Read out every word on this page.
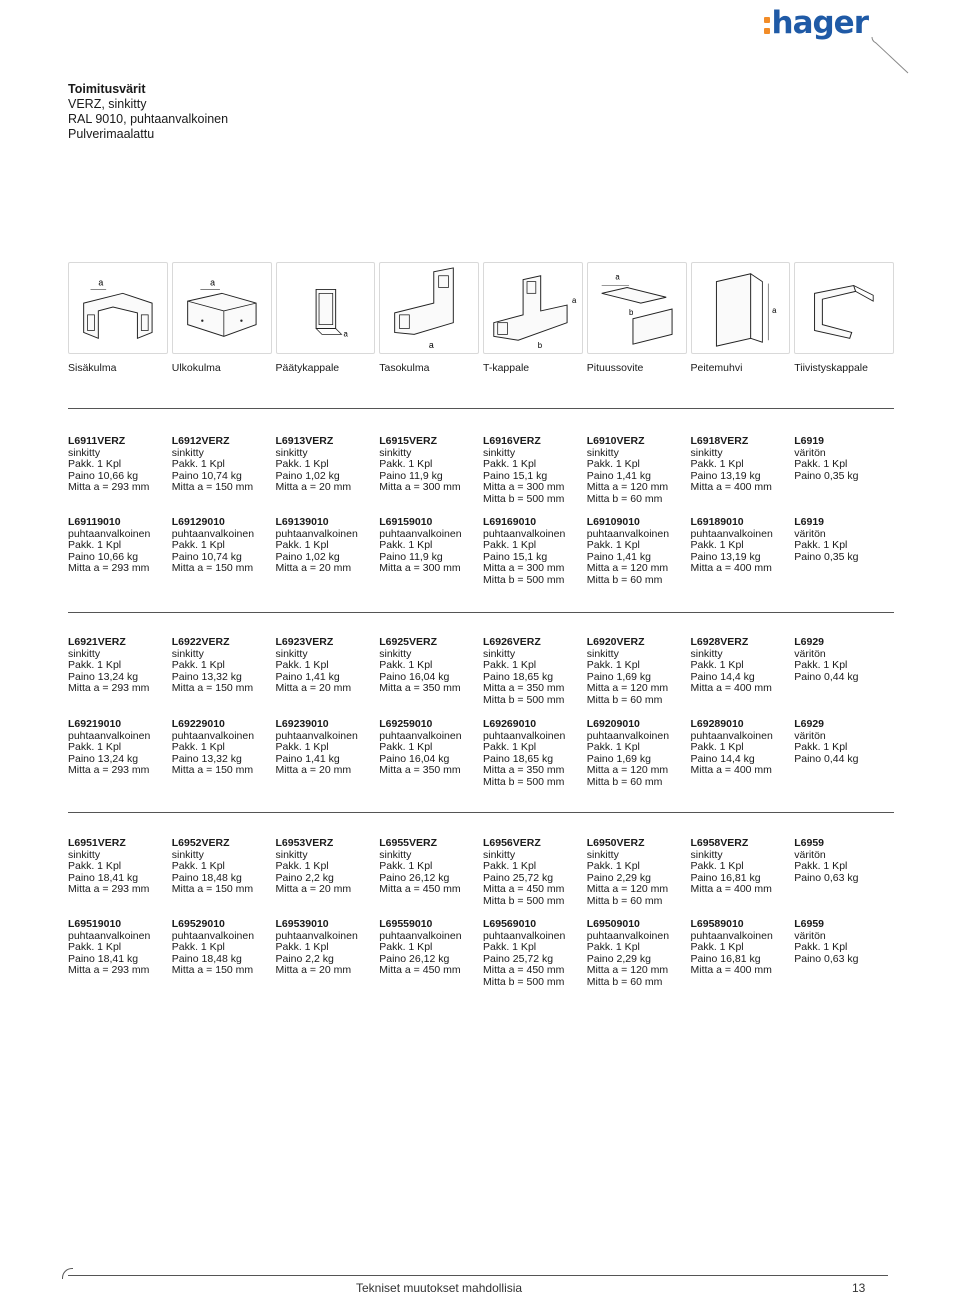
hager
Toimitusvärit
VERZ, sinkitty
RAL 9010, puhtaanvalkoinen
Pulverimaalattu
a	a
a
a
a
b
a
b	a
Sisäkulma	Ulkokulma	Päätykappale	Tasokulma	T-kappale	Pituussovite	Peitemuhvi	Tiivistyskappale
L6911VERZ
sinkitty
Pakk. 1 Kpl
Paino 10,66 kg
Mitta a = 293 mm
L6912VERZ
sinkitty
Pakk. 1 Kpl
Paino 10,74 kg
Mitta a = 150 mm
L6913VERZ
sinkitty
Pakk. 1 Kpl
Paino 1,02 kg
Mitta a = 20 mm
L6915VERZ
sinkitty
Pakk. 1 Kpl
Paino 11,9 kg
Mitta a = 300 mm
L6916VERZ
sinkitty
Pakk. 1 Kpl
Paino 15,1 kg
Mitta a = 300 mm
Mitta b = 500 mm
L6910VERZ
sinkitty
Pakk. 1 Kpl
Paino 1,41 kg
Mitta a = 120 mm
Mitta b = 60 mm
L6918VERZ
sinkitty
Pakk. 1 Kpl
Paino 13,19 kg
Mitta a = 400 mm
L6919
väritön
Pakk. 1 Kpl
Paino 0,35 kg
L69119010
puhtaanvalkoinen
Pakk. 1 Kpl
Paino 10,66 kg
Mitta a = 293 mm
L69129010
puhtaanvalkoinen
Pakk. 1 Kpl
Paino 10,74 kg
Mitta a = 150 mm
L69139010
puhtaanvalkoinen
Pakk. 1 Kpl
Paino 1,02 kg
Mitta a = 20 mm
L69159010
puhtaanvalkoinen
Pakk. 1 Kpl
Paino 11,9 kg
Mitta a = 300 mm
L69169010
puhtaanvalkoinen
Pakk. 1 Kpl
Paino 15,1 kg
Mitta a = 300 mm
Mitta b = 500 mm
L69109010
puhtaanvalkoinen
Pakk. 1 Kpl
Paino 1,41 kg
Mitta a = 120 mm
Mitta b = 60 mm
L69189010
puhtaanvalkoinen
Pakk. 1 Kpl
Paino 13,19 kg
Mitta a = 400 mm
L6919
väritön
Pakk. 1 Kpl
Paino 0,35 kg
L6921VERZ
sinkitty
Pakk. 1 Kpl
Paino 13,24 kg
Mitta a = 293 mm
L6922VERZ
sinkitty
Pakk. 1 Kpl
Paino 13,32 kg
Mitta a = 150 mm
L6923VERZ
sinkitty
Pakk. 1 Kpl
Paino 1,41 kg
Mitta a = 20 mm
L6925VERZ
sinkitty
Pakk. 1 Kpl
Paino 16,04 kg
Mitta a = 350 mm
L6926VERZ
sinkitty
Pakk. 1 Kpl
Paino 18,65 kg
Mitta a = 350 mm
Mitta b = 500 mm
L6920VERZ
sinkitty
Pakk. 1 Kpl
Paino 1,69 kg
Mitta a = 120 mm
Mitta b = 60 mm
L6928VERZ
sinkitty
Pakk. 1 Kpl
Paino 14,4 kg
Mitta a = 400 mm
L6929
väritön
Pakk. 1 Kpl
Paino 0,44 kg
L69219010
puhtaanvalkoinen
Pakk. 1 Kpl
Paino 13,24 kg
Mitta a = 293 mm
L69229010
puhtaanvalkoinen
Pakk. 1 Kpl
Paino 13,32 kg
Mitta a = 150 mm
L69239010
puhtaanvalkoinen
Pakk. 1 Kpl
Paino 1,41 kg
Mitta a = 20 mm
L69259010
puhtaanvalkoinen
Pakk. 1 Kpl
Paino 16,04 kg
Mitta a = 350 mm
L69269010
puhtaanvalkoinen
Pakk. 1 Kpl
Paino 18,65 kg
Mitta a = 350 mm
Mitta b = 500 mm
L69209010
puhtaanvalkoinen
Pakk. 1 Kpl
Paino 1,69 kg
Mitta a = 120 mm
Mitta b = 60 mm
L69289010
puhtaanvalkoinen
Pakk. 1 Kpl
Paino 14,4 kg
Mitta a = 400 mm
L6929
väritön
Pakk. 1 Kpl
Paino 0,44 kg
L6951VERZ
sinkitty
Pakk. 1 Kpl
Paino 18,41 kg
Mitta a = 293 mm
L6952VERZ
sinkitty
Pakk. 1 Kpl
Paino 18,48 kg
Mitta a = 150 mm
L6953VERZ
sinkitty
Pakk. 1 Kpl
Paino 2,2 kg
Mitta a = 20 mm
L6955VERZ
sinkitty
Pakk. 1 Kpl
Paino 26,12 kg
Mitta a = 450 mm
L6956VERZ
sinkitty
Pakk. 1 Kpl
Paino 25,72 kg
Mitta a = 450 mm
Mitta b = 500 mm
L6950VERZ
sinkitty
Pakk. 1 Kpl
Paino 2,29 kg
Mitta a = 120 mm
Mitta b = 60 mm
L6958VERZ
sinkitty
Pakk. 1 Kpl
Paino 16,81 kg
Mitta a = 400 mm
L6959
väritön
Pakk. 1 Kpl
Paino 0,63 kg
L69519010
puhtaanvalkoinen
Pakk. 1 Kpl
Paino 18,41 kg
Mitta a = 293 mm
L69529010
puhtaanvalkoinen
Pakk. 1 Kpl
Paino 18,48 kg
Mitta a = 150 mm
L69539010
puhtaanvalkoinen
Pakk. 1 Kpl
Paino 2,2 kg
Mitta a = 20 mm
L69559010
puhtaanvalkoinen
Pakk. 1 Kpl
Paino 26,12 kg
Mitta a = 450 mm
L69569010
puhtaanvalkoinen
Pakk. 1 Kpl
Paino 25,72 kg
Mitta a = 450 mm
Mitta b = 500 mm
L69509010
puhtaanvalkoinen
Pakk. 1 Kpl
Paino 2,29 kg
Mitta a = 120 mm
Mitta b = 60 mm
L69589010
puhtaanvalkoinen
Pakk. 1 Kpl
Paino 16,81 kg
Mitta a = 400 mm
L6959
väritön
Pakk. 1 Kpl
Paino 0,63 kg
Tekniset muutokset mahdollisia	13
